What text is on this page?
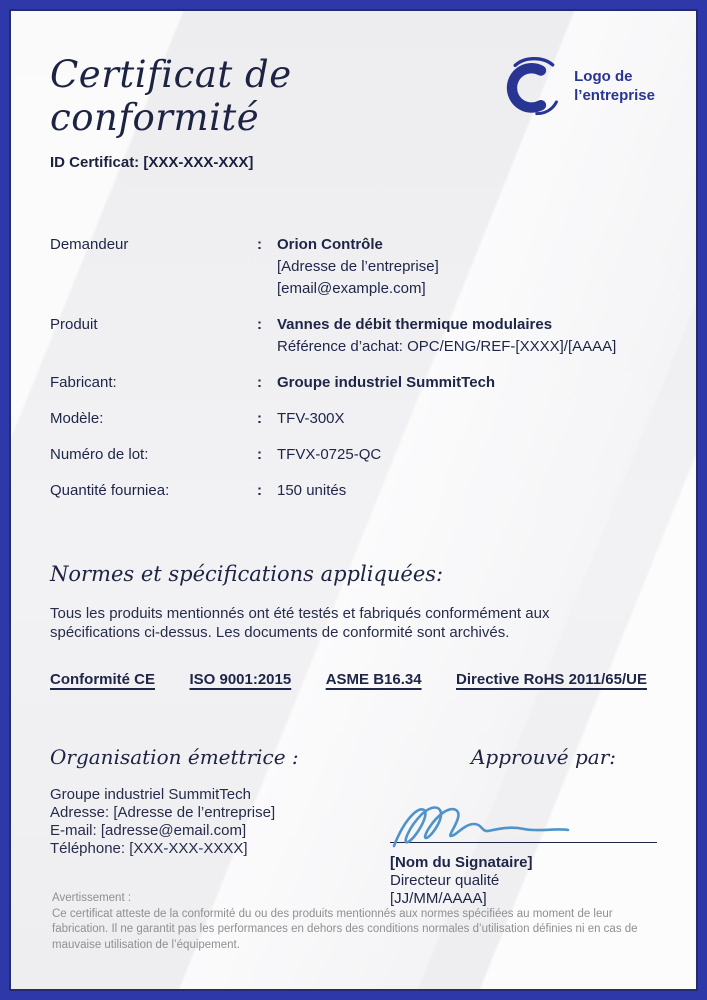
Certificat de conformité
ID Certificat: [XXX-XXX-XXX]
Logo de
l’entreprise
Demandeur	:	Orion Contrôle
[Adresse de l’entreprise]
[email@example.com]
Produit	:	Vannes de débit thermique modulaires
Référence d’achat: OPC/ENG/REF-[XXXX]/[AAAA]
Fabricant:	:	Groupe industriel SummitTech
Modèle:	:	TFV-300X
Numéro de lot:	:	TFVX-0725-QC
Quantité fourniea:	:	150 unités
Normes et spécifications appliquées:
Tous les produits mentionnés ont été testés et fabriqués conformément aux spécifications ci-dessus. Les documents de conformité sont archivés.
Conformité CE ISO 9001:2015 ASME B16.34 Directive RoHS 2011/65/UE
Organisation émettrice :
Groupe industriel SummitTech
Adresse: [Adresse de l’entreprise]
E-mail: [adresse@email.com]
Téléphone: [XXX-XXX-XXXX]
Approuvé par:
[Nom du Signataire]
Directeur qualité
[JJ/MM/AAAA]
Avertissement :
Ce certificat atteste de la conformité du ou des produits mentionnés aux normes spécifiées au moment de leur fabrication. Il ne garantit pas les performances en dehors des conditions normales d’utilisation définies ni en cas de mauvaise utilisation de l’équipement.
